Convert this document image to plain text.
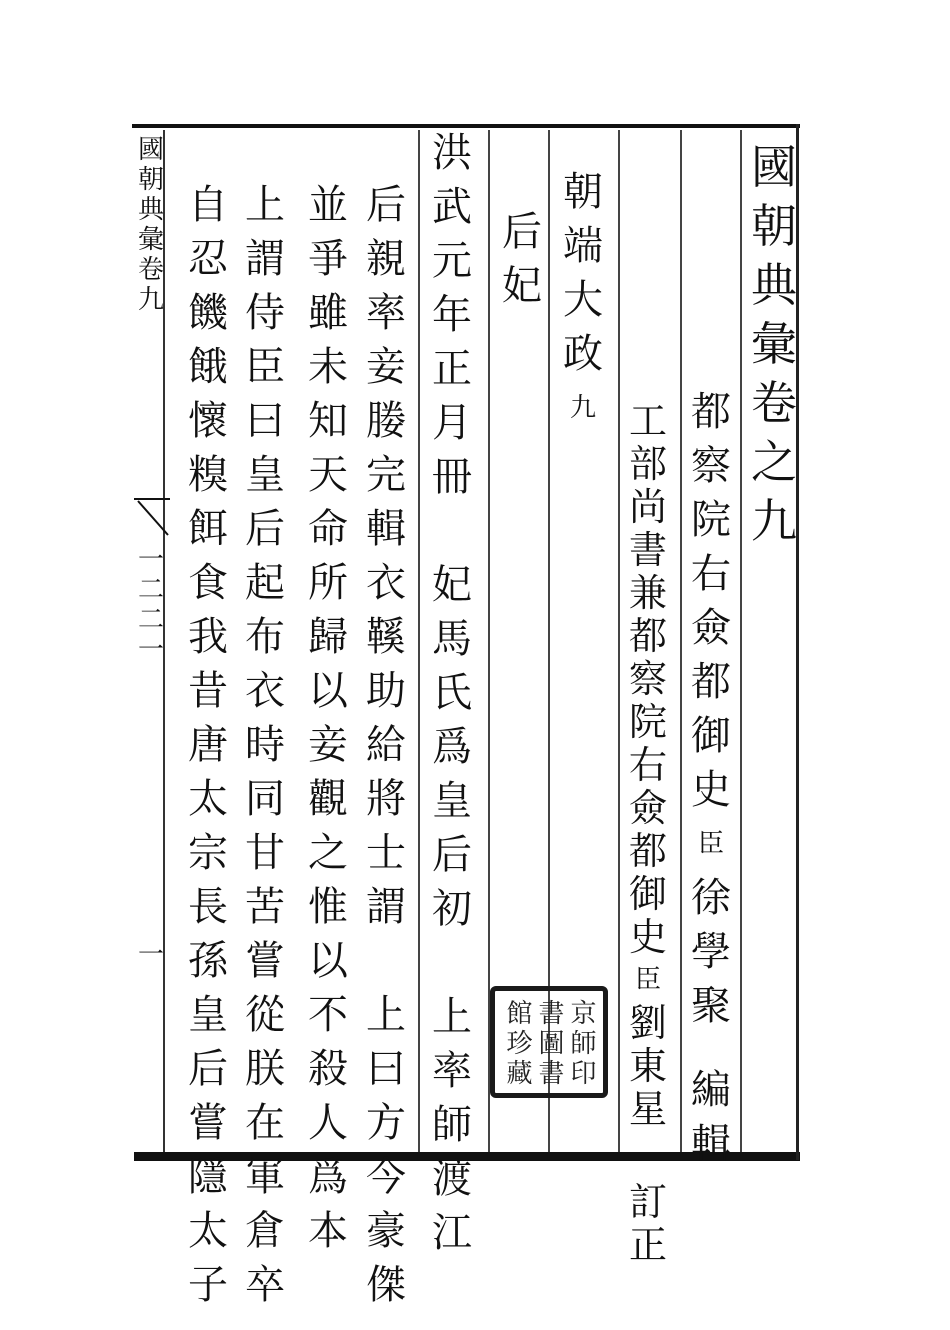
國
朝
典
彙
卷
九
一
二
二
一
一
國
朝
典
彙
卷
之
九
都
察
院
右
僉
都
御
史
臣
徐
學
聚
編
輯
工
部
尚
書
兼
都
察
院
右
僉
都
御
史
臣
劉
東
星
訂
正
朝
端
大
政
九
后
妃
洪
武
元
年
正
月
冊

妃
馬
氏
爲
皇
后
初

上
率
師
渡
江
后
親
率
妾
媵
完
輯
衣
鞵
助
給
將
士
謂

上
曰
方
今
豪
傑
並
爭
雖
未
知
天
命
所
歸
以
妾
觀
之
惟
以
不
殺
人
爲
本
上
謂
侍
臣
曰
皇
后
起
布
衣
時
同
甘
苦
嘗
從
朕
在
軍
倉
卒
自
忍
饑
餓
懷
糗
餌
食
我
昔
唐
太
宗
長
孫
皇
后
嘗
隱
太
子
館 書 京
珍 圖 師
藏 書 印
